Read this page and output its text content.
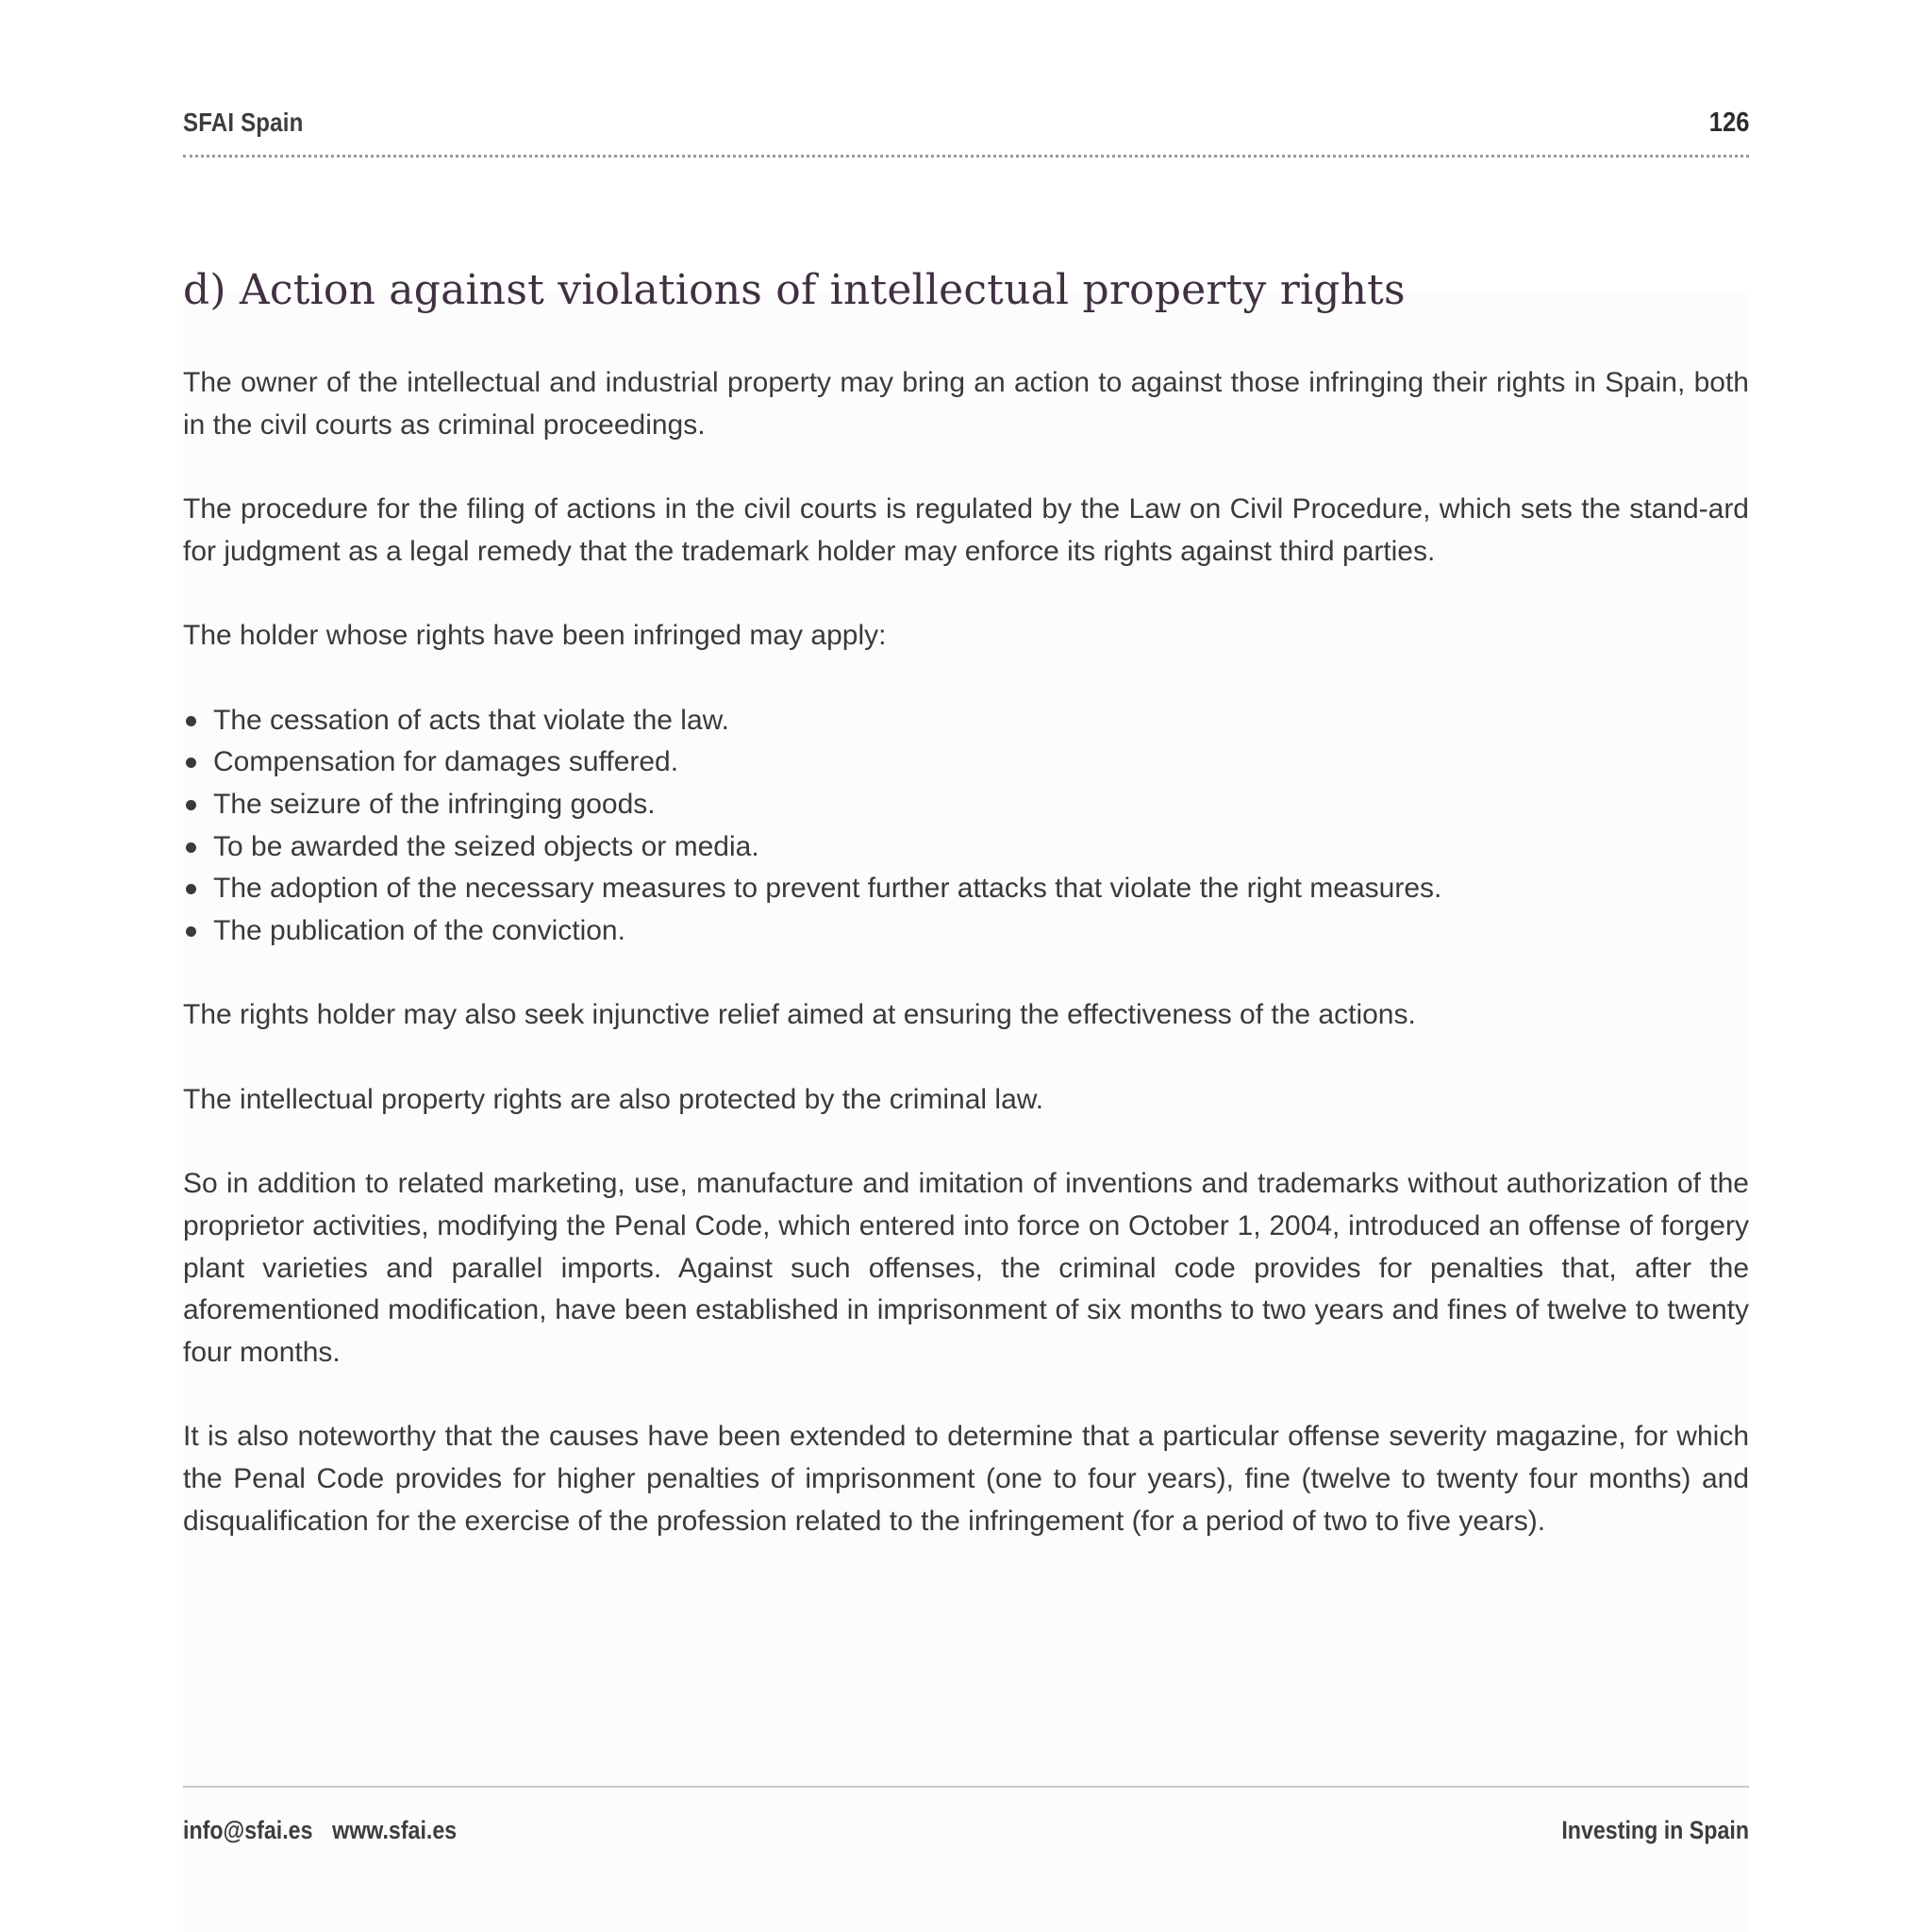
SFAI Spain	126
d) Action against violations of intellectual property rights

The owner of the intellectual and industrial property may bring an action to against those infringing their rights in Spain, both in the civil courts as criminal proceedings.

The procedure for the filing of actions in the civil courts is regulated by the Law on Civil Procedure, which sets the stand-ard for judgment as a legal remedy that the trademark holder may enforce its rights against third parties.

The holder whose rights have been infringed may apply:

The cessation of acts that violate the law.
Compensation for damages suffered.
The seizure of the infringing goods.
To be awarded the seized objects or media.
The adoption of the necessary measures to prevent further attacks that violate the right measures.
The publication of the conviction.

The rights holder may also seek injunctive relief aimed at ensuring the effectiveness of the actions.

The intellectual property rights are also protected by the criminal law.

So in addition to related marketing, use, manufacture and imitation of inventions and trademarks without authorization of the proprietor activities, modifying the Penal Code, which entered into force on October 1, 2004, introduced an offense of forgery plant varieties and parallel imports. Against such offenses, the criminal code provides for penalties that, after the aforementioned modification, have been established in imprisonment of six months to two years and fines of twelve to twenty four months.

It is also noteworthy that the causes have been extended to determine that a particular offense severity magazine, for which the Penal Code provides for higher penalties of imprisonment (one to four years), fine (twelve to twenty four months) and disqualification for the exercise of the profession related to the infringement (for a period of two to five years).

info@sfai.es www.sfai.es	Investing in Spain
